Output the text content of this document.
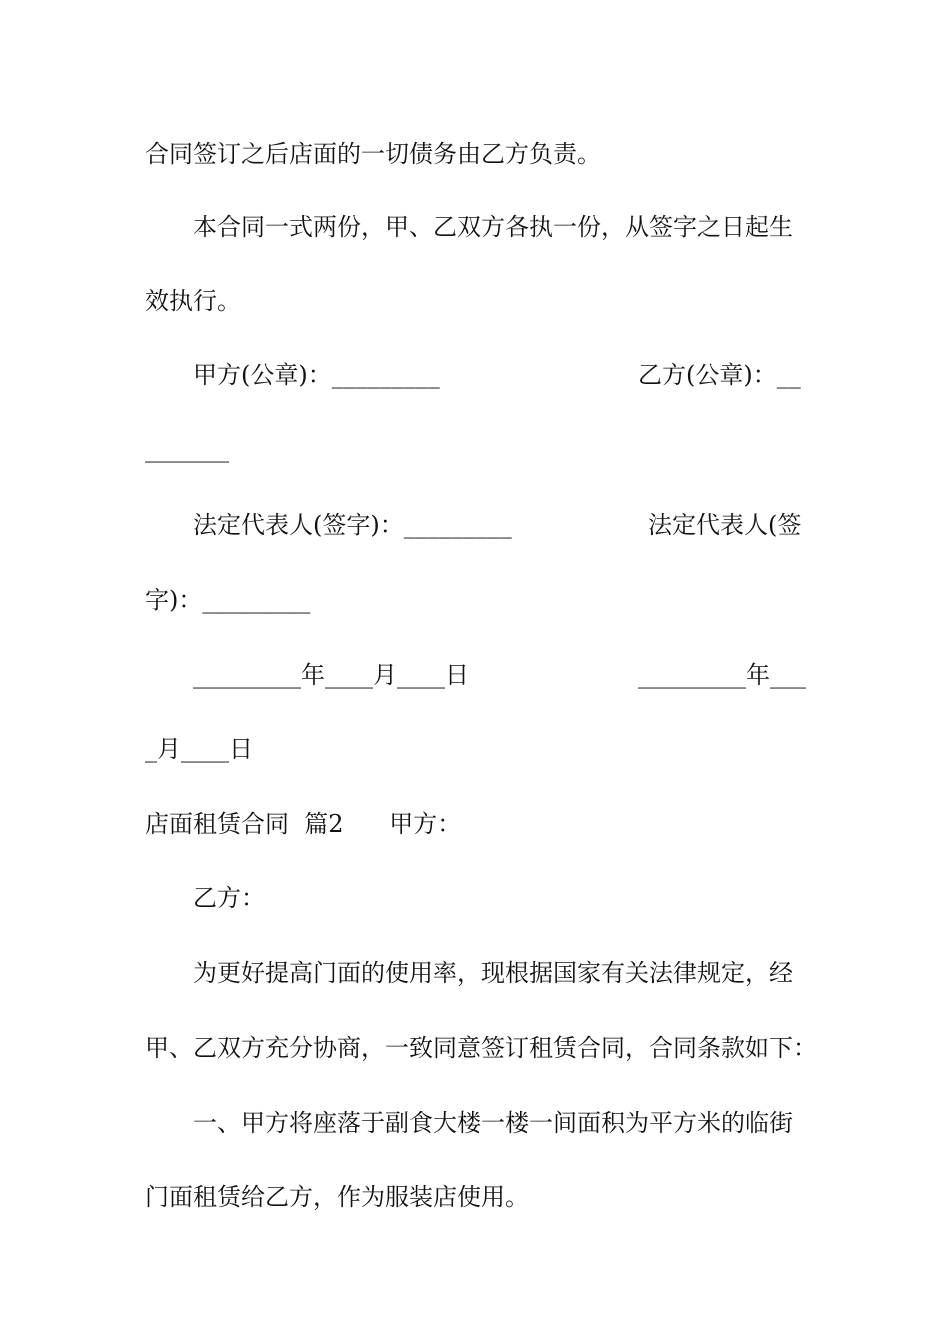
合同签订之后店面的一切债务由乙方负责。
本合同一式两份，甲、乙双方各执一份，从签字之日起生
效执行。
甲方(公章)：_________	乙方(公章)：__
_______
法定代表人(签字)：_________	法定代表人(签
字)：_________
_________年____月____日	_________年___
_月____日
店面租赁合同  篇2      甲方：
乙方：
为更好提高门面的使用率，现根据国家有关法律规定，经
甲、乙双方充分协商，一致同意签订租赁合同，合同条款如下：
一、甲方将座落于副食大楼一楼一间面积为平方米的临街
门面租赁给乙方，作为服装店使用。
